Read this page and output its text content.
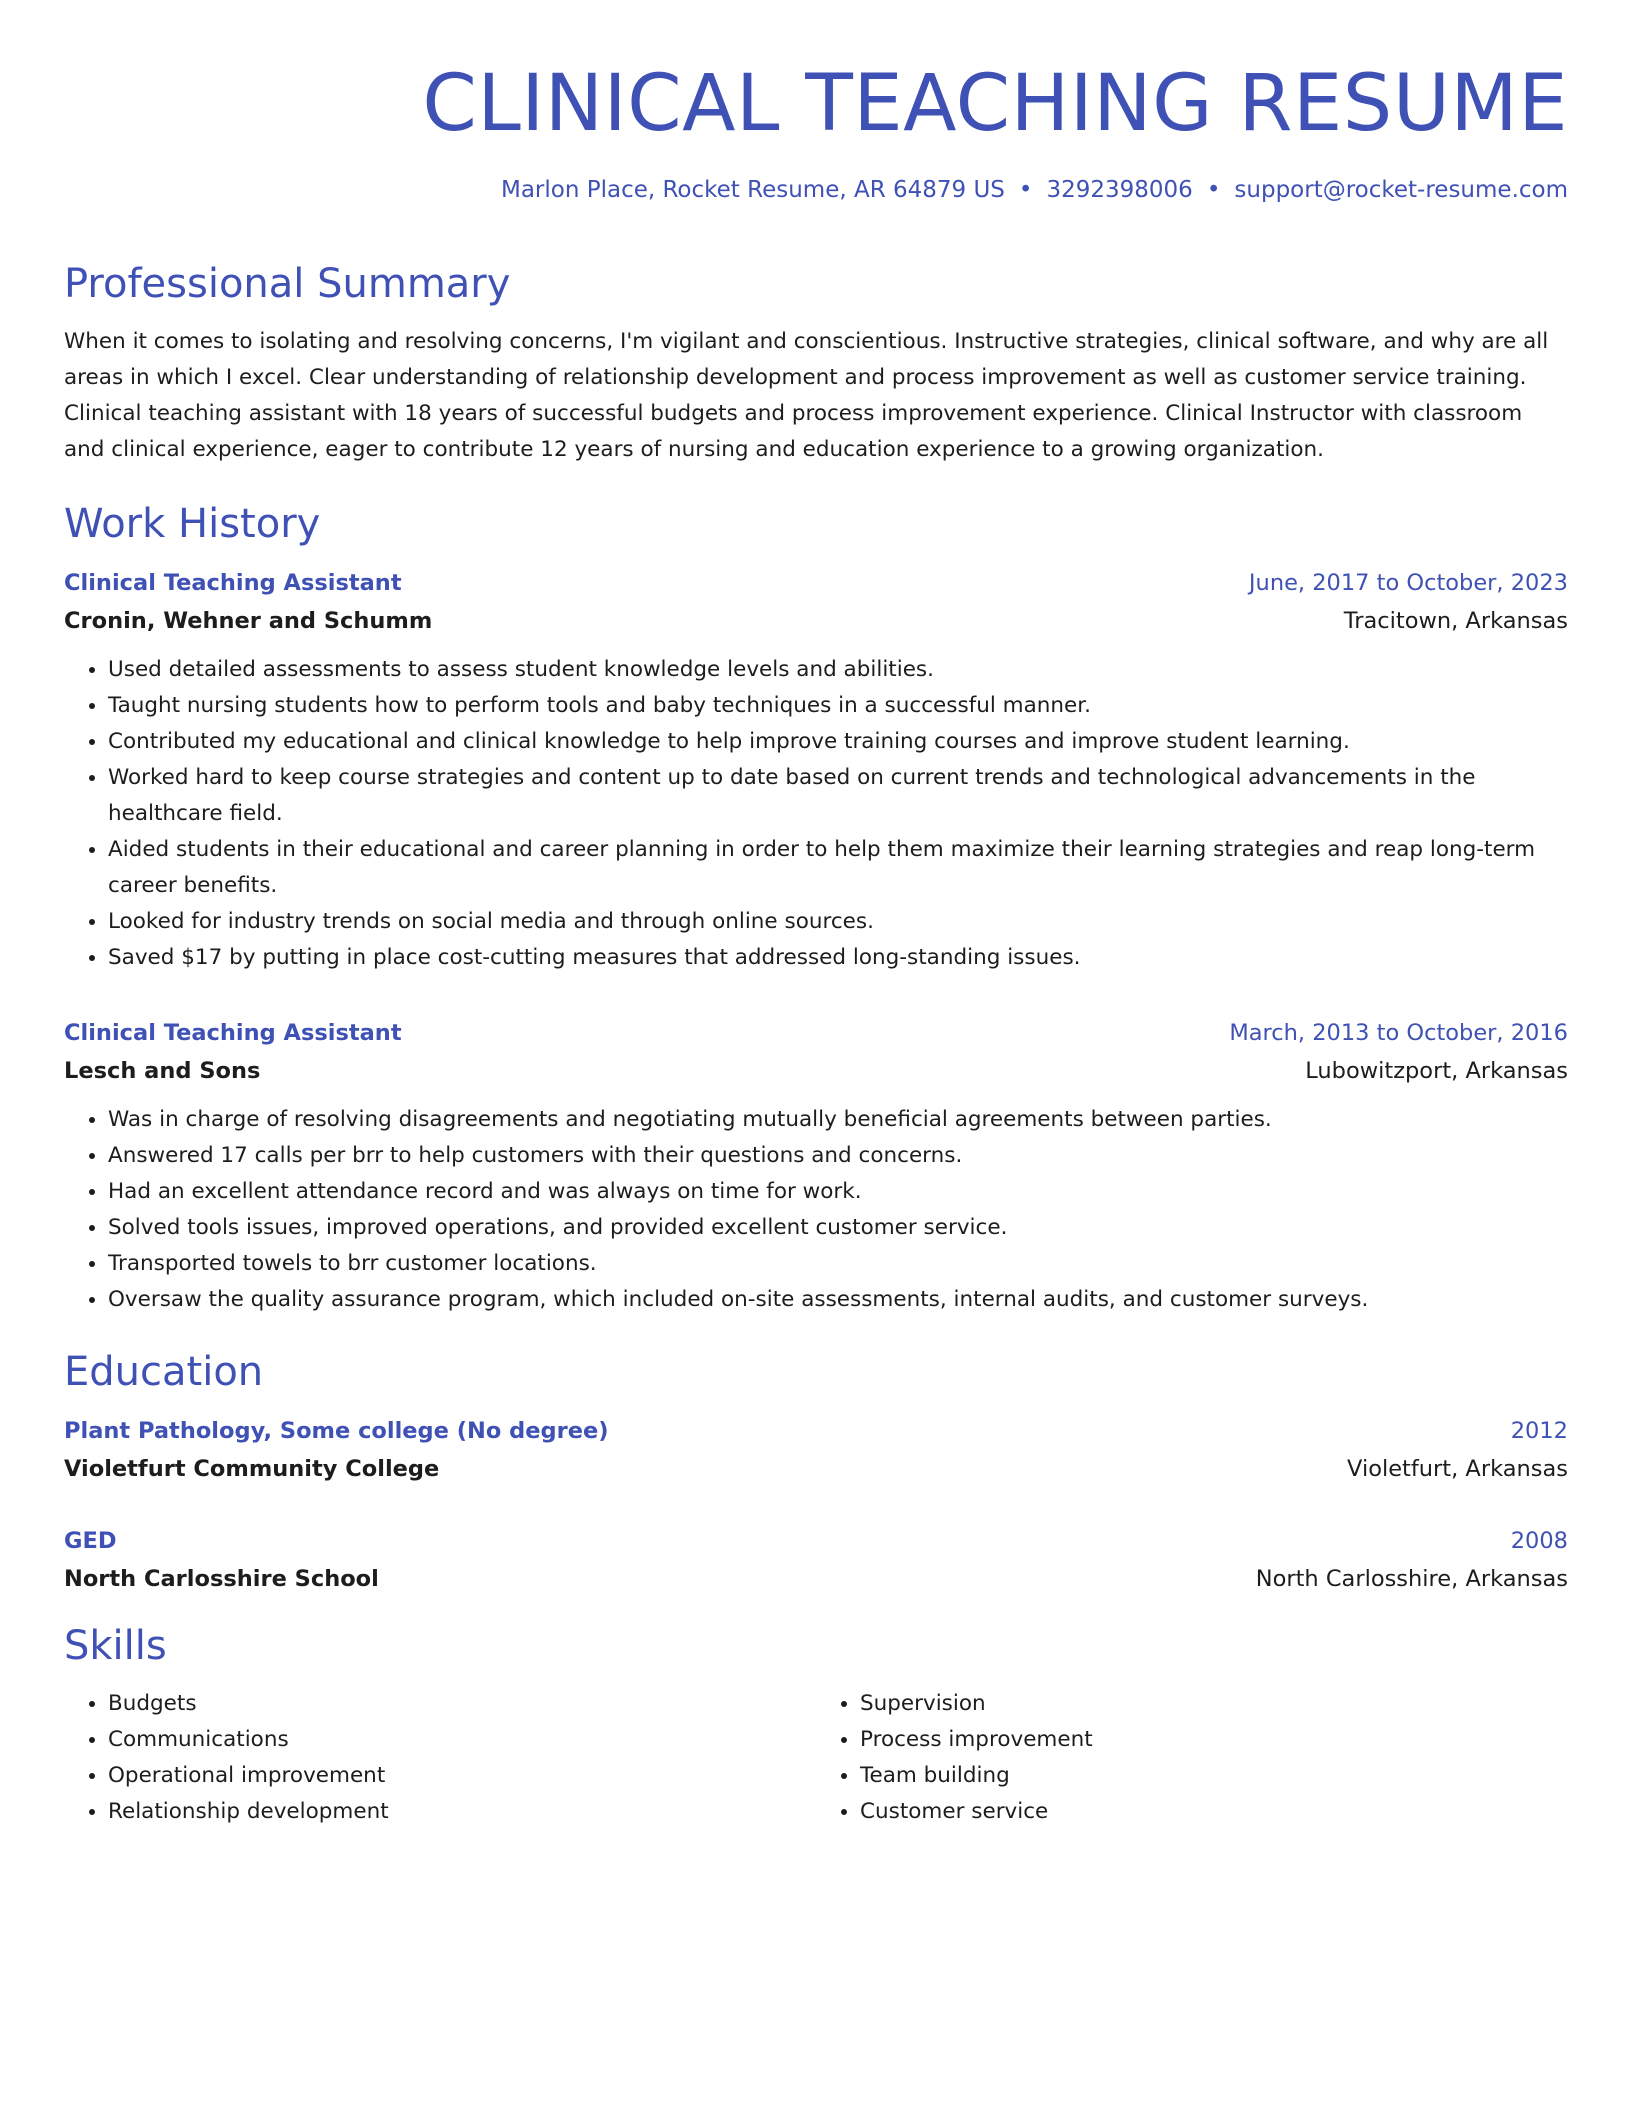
CLINICAL TEACHING RESUME
Marlon Place, Rocket Resume, AR 64879 US • 3292398006 • support@rocket-resume.com
Professional Summary
When it comes to isolating and resolving concerns, I'm vigilant and conscientious. Instructive strategies, clinical software, and why are all areas in which I excel. Clear understanding of relationship development and process improvement as well as customer service training. Clinical teaching assistant with 18 years of successful budgets and process improvement experience. Clinical Instructor with classroom and clinical experience, eager to contribute 12 years of nursing and education experience to a growing organization.
Work History
Clinical Teaching Assistant	June, 2017 to October, 2023
Cronin, Wehner and Schumm	Tracitown, Arkansas
• Used detailed assessments to assess student knowledge levels and abilities.
• Taught nursing students how to perform tools and baby techniques in a successful manner.
• Contributed my educational and clinical knowledge to help improve training courses and improve student learning.
• Worked hard to keep course strategies and content up to date based on current trends and technological advancements in the healthcare field.
• Aided students in their educational and career planning in order to help them maximize their learning strategies and reap long-term career benefits.
• Looked for industry trends on social media and through online sources.
• Saved $17 by putting in place cost-cutting measures that addressed long-standing issues.
Clinical Teaching Assistant	March, 2013 to October, 2016
Lesch and Sons	Lubowitzport, Arkansas
• Was in charge of resolving disagreements and negotiating mutually beneficial agreements between parties.
• Answered 17 calls per brr to help customers with their questions and concerns.
• Had an excellent attendance record and was always on time for work.
• Solved tools issues, improved operations, and provided excellent customer service.
• Transported towels to brr customer locations.
• Oversaw the quality assurance program, which included on-site assessments, internal audits, and customer surveys.
Education
Plant Pathology, Some college (No degree)	2012
Violetfurt Community College	Violetfurt, Arkansas
GED	2008
North Carlosshire School	North Carlosshire, Arkansas
Skills
• Budgets
• Communications
• Operational improvement
• Relationship development
• Supervision
• Process improvement
• Team building
• Customer service
